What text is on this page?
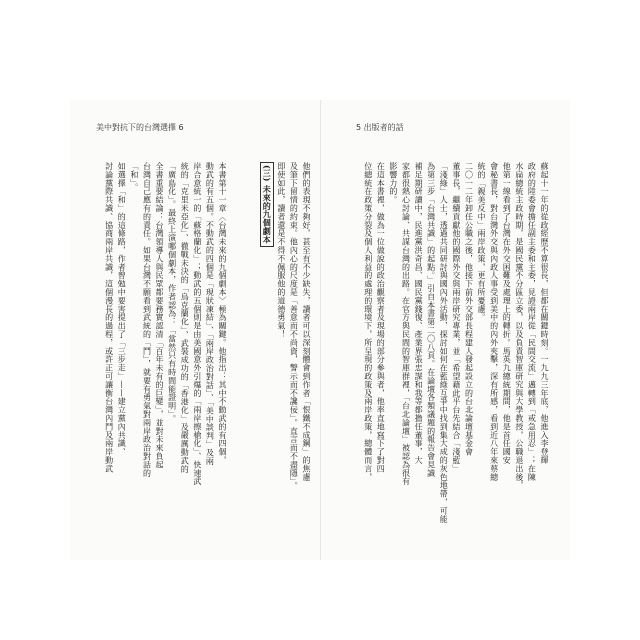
美中對抗下的台灣選擇 6	5 出版者的話
蘇起十一年的從政經歷不算很長，但都在關鍵時刻。一九九三年底，他進入李登輝
政府的陸委會擔任副主委和主委，見證兩岸從「民間交流」邁轉到「戒急用忍」；在陳
水扁總統主政時期，是國民黨不分區立委，以及負責智庫研究與大學教授，公職退出後，
他第一線看到了台灣在外交困難及處理上的轉折。馬英九總統期間，他是首任國安
會秘書長，對台灣外交與內政人事受到美中的內外夾擊，深有所感，看到近八年來蔡總
統的「親美反中」兩岸政策，更有所憂慮。
二〇一二年卸任公職之後，他接下前外交部長程建人發起設立的台北論壇基金會
董事長，繼續貢獻他的國際外交與兩岸研究專業，並「希望藉此平台先結合「淺藍」
「淺綠」人士，透過共同研討與國內外活動，探討如何在藍綠互爭中找到集大成的灰色地帶，可能
為第三步「台灣共識」的起點。」引自本書第二〇八頁。在論壇各類議題的報告會見識
補足期研讀中，民進黨洪奇昌、國民黨錢復、產業界張忠謀和我等都擔任董事，大
家都很熱心討論、共謀台灣的出路。在官方與民間的智庫群裡，「台北論壇」被認為很有
影響力的。
在這本書裡，做為一位做說的政治觀察者及現場的部分參與者，他率直地寫下了對四
位總統在政策分裂及個人利益的處理的環境下，所呈現的政策及兩岸政策，總體而言，
他們的表現不夠好，甚至有不少缺失，讀者可以深刻體會到作者「恨鐵不成鋼」的焦慮
及筆下留情的約束。他內心的尺度是「善意而不尚資，警示而不讒佞」。直言而不盡隱」。
即使如此，讀者還是不得不佩服他的道德勇氣！
(三) 未來的九個劇本
本書第十一章〈台灣未來的九個劇本〉極為關鍵。他指出：其中不動武的有四個，
動武的有五個。不動武的四個是「現狀凍結」、「兩岸政治對話」、「美中談判」及兩
岸合意統一的「蘇格蘭化」；動武的五個則是由美國意外引爆的「兩岸擦槍化」、快速武
統的「克里米亞化」、徹戰未決的「烏克蘭化」、武裝成功的「香港化」及嚴厲動武的
「廣島化」。最終上演哪個劇本，作者認為：「當然只有時間能證明」。
全書重要結論：台灣領導人與民眾都要務實認清「百年未有的巨變」，並對未來負起
台灣自己應有的責任。如果台灣不願看到武統的「鬥」，就要有勇氣對兩岸政治對話的
「和」。
如選擇「和」的這條路，作者曾勉中要害提出了「三步走」——建立黨內共識、
討論黨際共識、協商兩岸共識，這個漫長的過程，或許正可讓衡台灣內鬥及兩岸動武
